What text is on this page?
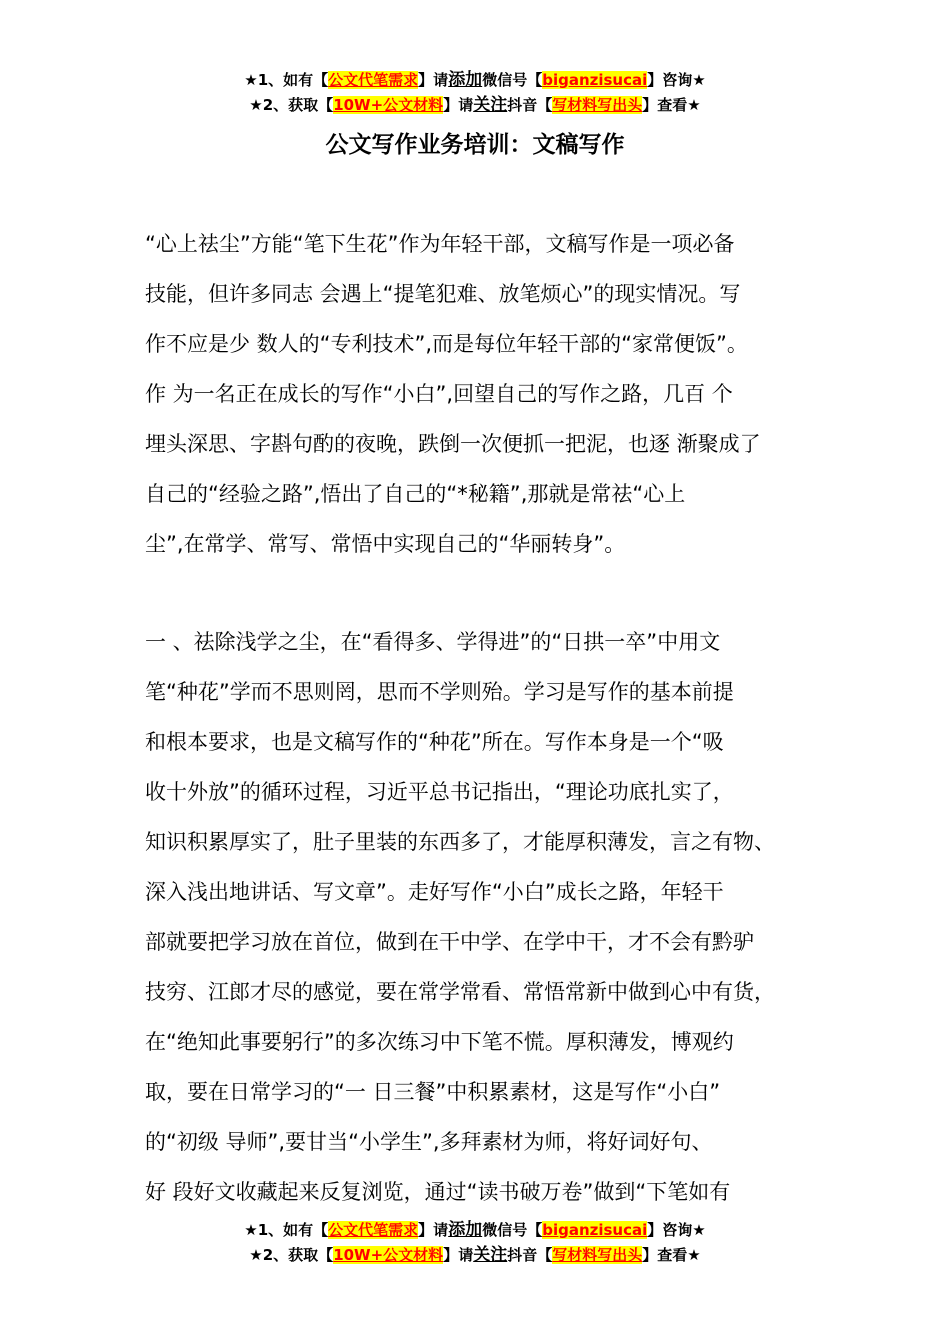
★1、如有【公文代笔需求】请添加微信号【biganzisucai】咨询★
★2、获取【10W+公文材料】请关注抖音【写材料写出头】查看★
公文写作业务培训：文稿写作

“心上祛尘”方能“笔下生花”作为年轻干部，文稿写作是一项必备
技能，但许多同志 会遇上“提笔犯难、放笔烦心”的现实情况。写
作不应是少 数人的“专利技术”,而是每位年轻干部的“家常便饭”。
作 为一名正在成长的写作“小白”,回望自己的写作之路，几百 个
埋头深思、字斟句酌的夜晚，跌倒一次便抓一把泥，也逐 渐聚成了
自己的“经验之路”,悟出了自己的“*秘籍”,那就是常祛“心上
尘”,在常学、常写、常悟中实现自己的“华丽转身”。

一 、祛除浅学之尘，在“看得多、学得进”的“日拱一卒”中用文
笔“种花”学而不思则罔，思而不学则殆。学习是写作的基本前提
和根本要求，也是文稿写作的“种花”所在。写作本身是一个“吸
收十外放”的循环过程，习近平总书记指出，“理论功底扎实了，
知识积累厚实了，肚子里装的东西多了，才能厚积薄发，言之有物、
深入浅出地讲话、写文章”。走好写作“小白”成长之路，年轻干
部就要把学习放在首位，做到在干中学、在学中干，才不会有黔驴
技穷、江郎才尽的感觉，要在常学常看、常悟常新中做到心中有货，
在“绝知此事要躬行”的多次练习中下笔不慌。厚积薄发，博观约
取，要在日常学习的“一 日三餐”中积累素材，这是写作“小白”
的“初级 导师”,要甘当“小学生”,多拜素材为师，将好词好句、
好 段好文收藏起来反复浏览，通过“读书破万卷”做到“下笔如有

★1、如有【公文代笔需求】请添加微信号【biganzisucai】咨询★
★2、获取【10W+公文材料】请关注抖音【写材料写出头】查看★
